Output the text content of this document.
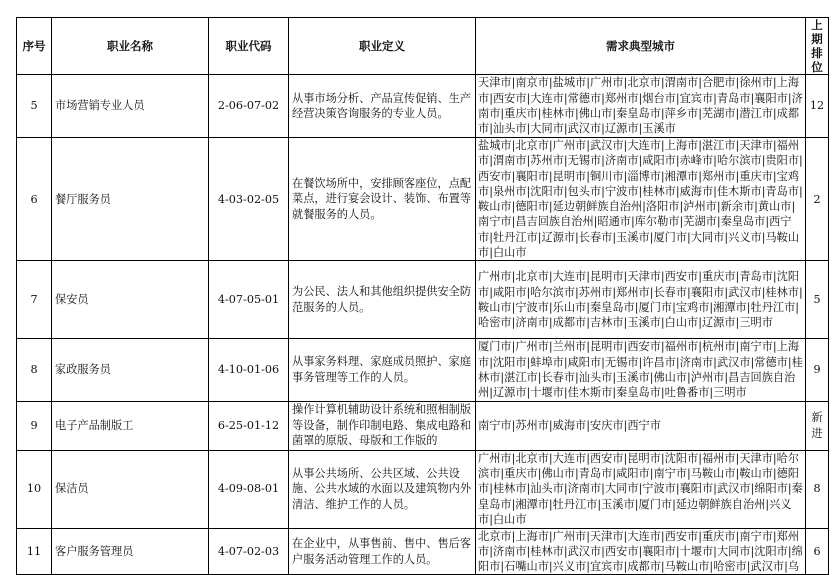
序号	职业名称	职业代码	职业定义	需求典型城市	上期排位
5	市场营销专业人员	2-06-07-02	从事市场分析、产品宣传促销、生产经营决策咨询服务的专业人员。	天津市|南京市|盐城市|广州市|北京市|渭南市|合肥市|徐州市|上海市|西安市|大连市|常德市|郑州市|烟台市|宜宾市|青岛市|襄阳市|济南市|重庆市|桂林市|佛山市|秦皇岛市|萍乡市|芜湖市|潜江市|成都市|汕头市|大同市|武汉市|辽源市|玉溪市	12
6	餐厅服务员	4-03-02-05	在餐饮场所中，安排顾客座位，点配菜点，进行宴会设计、装饰、布置等就餐服务的人员。	盐城市|北京市|广州市|武汉市|大连市|上海市|湛江市|天津市|福州市|渭南市|苏州市|无锡市|济南市|咸阳市|赤峰市|哈尔滨市|贵阳市|西安市|襄阳市|昆明市|铜川市|淄博市|湘潭市|郑州市|重庆市|宝鸡市|泉州市|沈阳市|包头市|宁波市|桂林市|威海市|佳木斯市|青岛市|鞍山市|德阳市|延边朝鲜族自治州|洛阳市|泸州市|新余市|黄山市|南宁市|昌吉回族自治州|昭通市|库尔勒市|芜湖市|秦皇岛市|西宁市|牡丹江市|辽源市|长春市|玉溪市|厦门市|大同市|兴义市|马鞍山市|白山市	2
7	保安员	4-07-05-01	为公民、法人和其他组织提供安全防范服务的人员。	广州市|北京市|大连市|昆明市|天津市|西安市|重庆市|青岛市|沈阳市|咸阳市|哈尔滨市|苏州市|郑州市|长春市|襄阳市|武汉市|桂林市|鞍山市|宁波市|乐山市|秦皇岛市|厦门市|宝鸡市|湘潭市|牡丹江市|哈密市|济南市|成都市|吉林市|玉溪市|白山市|辽源市|三明市	5
8	家政服务员	4-10-01-06	从事家务料理、家庭成员照护、家庭事务管理等工作的人员。	厦门市|广州市|兰州市|昆明市|西安市|福州市|杭州市|南宁市|上海市|沈阳市|蚌埠市|咸阳市|无锡市|许昌市|济南市|武汉市|常德市|桂林市|湛江市|长春市|汕头市|玉溪市|佛山市|泸州市|昌吉回族自治州|辽源市|十堰市|佳木斯市|秦皇岛市|吐鲁番市|三明市	9
9	电子产品制版工	6-25-01-12	操作计算机辅助设计系统和照相制版等设备，制作印制电路、集成电路和菌罩的原版、母版和工作版的	南宁市|苏州市|威海市|安庆市|西宁市	新进
10	保洁员	4-09-08-01	从事公共场所、公共区域、公共设施、公共水域的水面以及建筑物内外清洁、维护工作的人员。	广州市|北京市|大连市|西安市|昆明市|沈阳市|福州市|天津市|哈尔滨市|重庆市|佛山市|青岛市|咸阳市|南宁市|马鞍山市|鞍山市|德阳市|桂林市|汕头市|济南市|大同市|宁波市|襄阳市|武汉市|绵阳市|秦皇岛市|湘潭市|牡丹江市|玉溪市|厦门市|延边朝鲜族自治州|兴义市|白山市	8
11	客户服务管理员	4-07-02-03	在企业中，从事售前、售中、售后客户服务活动管理工作的人员。	北京市|上海市|广州市|天津市|大连市|西安市|重庆市|南宁市|郑州市|济南市|桂林市|武汉市|西安市|襄阳市|十堰市|大同市|沈阳市|绵阳市|石嘴山市|兴义市|宜宾市|成都市|马鞍山市|哈密市|武汉市|乌	6
